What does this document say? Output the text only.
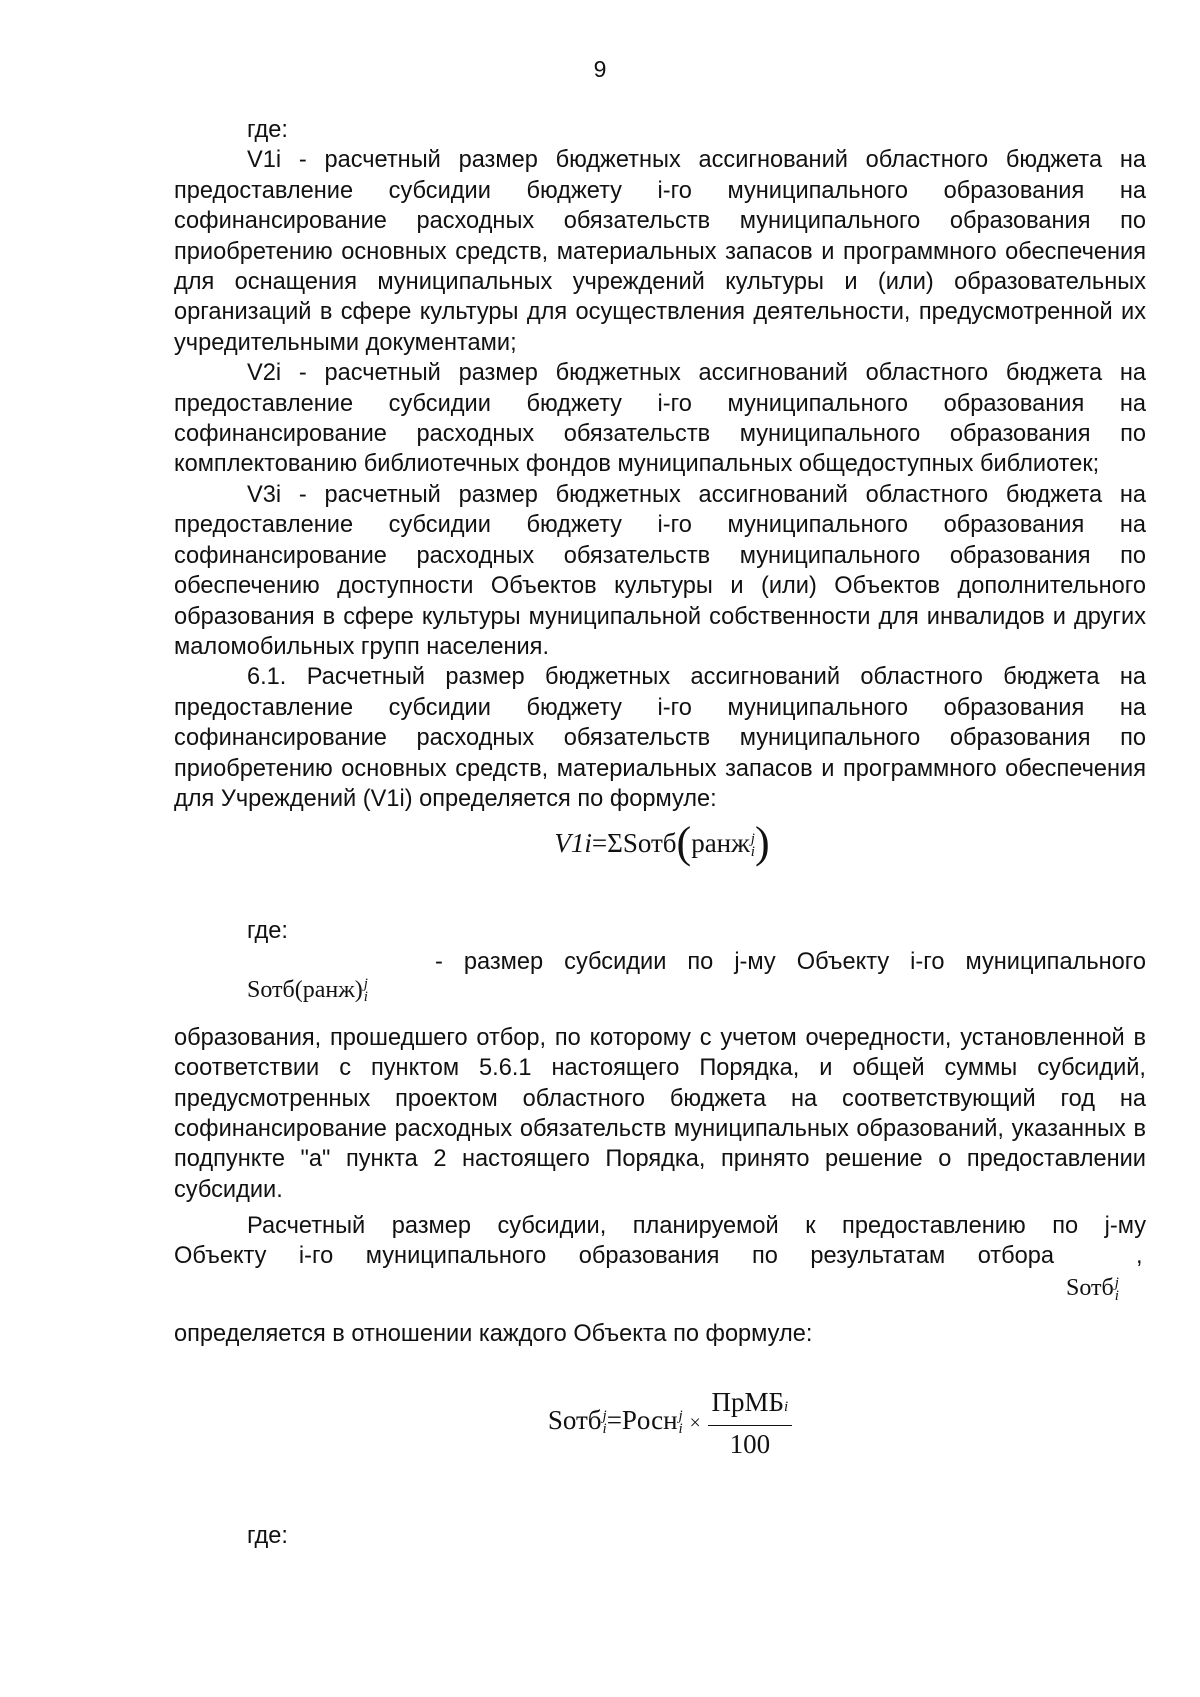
9

где:

V1i - расчетный размер бюджетных ассигнований областного бюджета на предоставление субсидии бюджету i-го муниципального образования на софинансирование расходных обязательств муниципального образования по приобретению основных средств, материальных запасов и программного обеспечения для оснащения муниципальных учреждений культуры и (или) образовательных организаций в сфере культуры для осуществления деятельности, предусмотренной их учредительными документами;

V2i - расчетный размер бюджетных ассигнований областного бюджета на предоставление субсидии бюджету i-го муниципального образования на софинансирование расходных обязательств муниципального образования по комплектованию библиотечных фондов муниципальных общедоступных библиотек;

V3i - расчетный размер бюджетных ассигнований областного бюджета на предоставление субсидии бюджету i-го муниципального образования на софинансирование расходных обязательств муниципального образования по обеспечению доступности Объектов культуры и (или) Объектов дополнительного образования в сфере культуры муниципальной собственности для инвалидов и других маломобильных групп населения.

6.1. Расчетный размер бюджетных ассигнований областного бюджета на предоставление субсидии бюджету i-го муниципального образования на софинансирование расходных обязательств муниципального образования по приобретению основных средств, материальных запасов и программного обеспечения для Учреждений (V1i) определяется по формуле:

V1i=ΣSотб(ранж j
i )

где:

- размер субсидии по j-му Объекту i-го муниципального
Sотб(ранж) j
i

образования, прошедшего отбор, по которому с учетом очередности, установленной в соответствии с пунктом 5.6.1 настоящего Порядка, и общей суммы субсидий, предусмотренных проектом областного бюджета на соответствующий год на софинансирование расходных обязательств муниципальных образований, указанных в подпункте "а" пункта 2 настоящего Порядка, принято решение о предоставлении субсидии.

Расчетный размер субсидии, планируемой к предоставлению по j-му
Объекту i-го муниципального образования по результатам отбора	,
Sотб j
i
определяется в отношении каждого Объекта по формуле:
Sотб j
i =Pосн j
$i \times \frac{\text{ПрМБi}}{100}$

где:
